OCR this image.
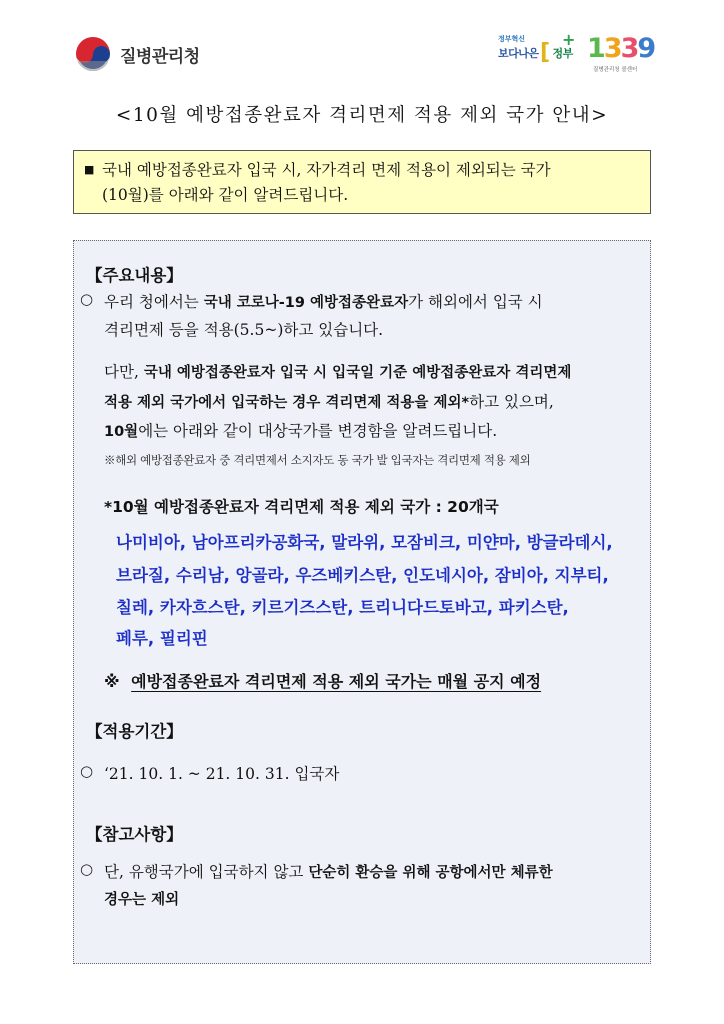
질병관리청
정부혁신
보다나은 정부
[
+ 1339
질병관리청 콜센터
<10월 예방접종완료자 격리면제 적용 제외 국가 안내>
■ 국내 예방접종완료자 입국 시, 자가격리 면제 적용이 제외되는 국가
(10월)를 아래와 같이 알려드립니다.
【주요내용】
○ 우리 청에서는 국내 코로나-19 예방접종완료자가 해외에서 입국 시
격리면제 등을 적용(5.5~)하고 있습니다.
다만, 국내 예방접종완료자 입국 시 입국일 기준 예방접종완료자 격리면제
적용 제외 국가에서 입국하는 경우 격리면제 적용을 제외*하고 있으며,
10월에는 아래와 같이 대상국가를 변경함을 알려드립니다.
※해외 예방접종완료자 중 격리면제서 소지자도 동 국가 발 입국자는 격리면제 적용 제외
*10월 예방접종완료자 격리면제 적용 제외 국가 : 20개국
나미비아, 남아프리카공화국, 말라위, 모잠비크, 미얀마, 방글라데시,
브라질, 수리남, 앙골라, 우즈베키스탄, 인도네시아, 잠비아, 지부티,
칠레, 카자흐스탄, 키르기즈스탄, 트리니다드토바고, 파키스탄,
페루, 필리핀
※ 예방접종완료자 격리면제 적용 제외 국가는 매월 공지 예정
【적용기간】
○ ‘21. 10. 1. ~ 21. 10. 31. 입국자
【참고사항】
○ 단, 유행국가에 입국하지 않고 단순히 환승을 위해 공항에서만 체류한
경우는 제외
